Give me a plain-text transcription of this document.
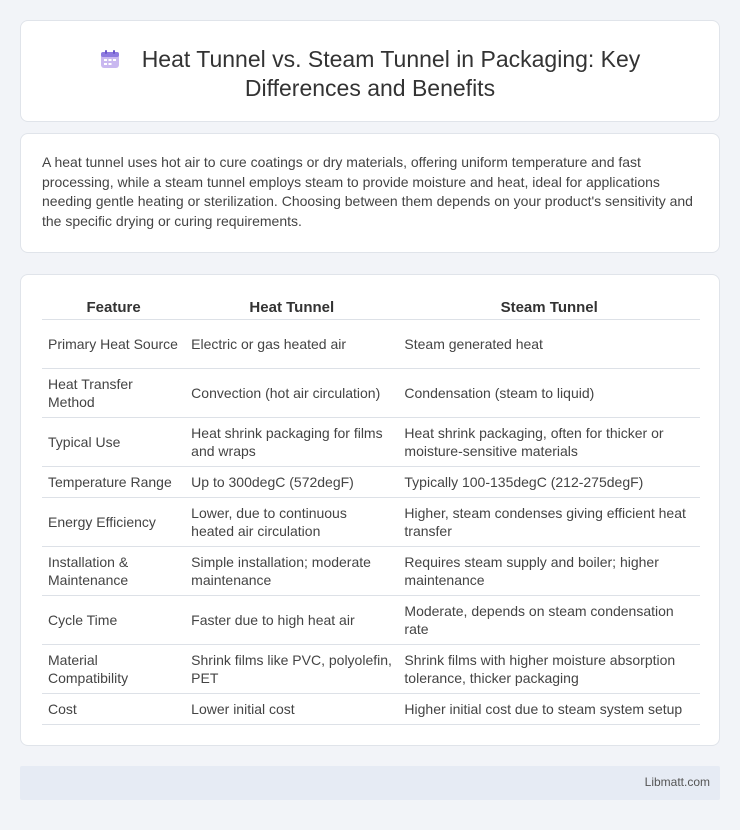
Heat Tunnel vs. Steam Tunnel in Packaging: Key
Differences and Benefits

A heat tunnel uses hot air to cure coatings or dry materials, offering uniform temperature and fast processing, while a steam tunnel employs steam to provide moisture and heat, ideal for applications needing gentle heating or sterilization. Choosing between them depends on your product's sensitivity and the specific drying or curing requirements.

Feature	Heat Tunnel	Steam Tunnel
Primary Heat Source	Electric or gas heated air	Steam generated heat
Heat Transfer Method	Convection (hot air circulation)	Condensation (steam to liquid)
Typical Use	Heat shrink packaging for films and wraps	Heat shrink packaging, often for thicker or moisture-sensitive materials
Temperature Range	Up to 300degC (572degF)	Typically 100-135degC (212-275degF)
Energy Efficiency	Lower, due to continuous heated air circulation	Higher, steam condenses giving efficient heat transfer
Installation & Maintenance	Simple installation; moderate maintenance	Requires steam supply and boiler; higher maintenance
Cycle Time	Faster due to high heat air	Moderate, depends on steam condensation rate
Material Compatibility	Shrink films like PVC, polyolefin, PET	Shrink films with higher moisture absorption tolerance, thicker packaging
Cost	Lower initial cost	Higher initial cost due to steam system setup
Libmatt.com
